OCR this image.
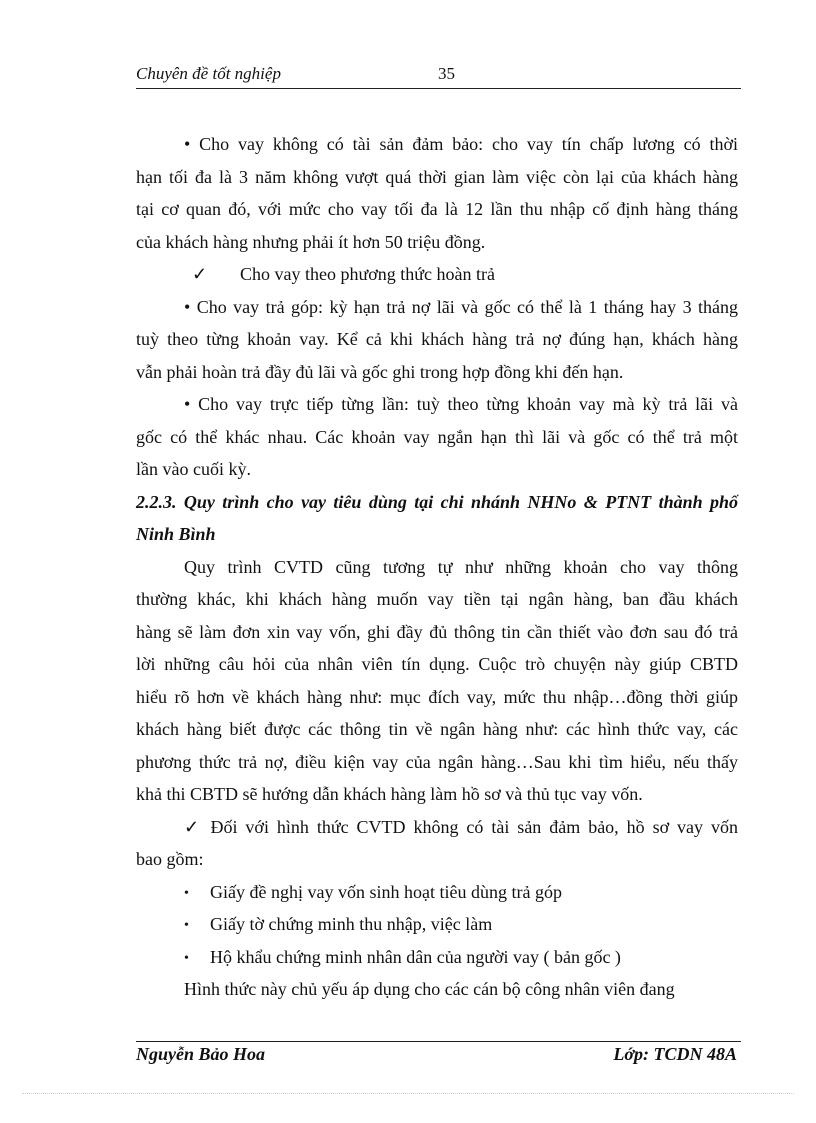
Chuyên đề tốt nghiệp	35
• Cho vay không có tài sản đảm bảo: cho vay tín chấp lương có thời
hạn tối đa là 3 năm không vượt quá thời gian làm việc còn lại của khách hàng
tại cơ quan đó, với mức cho vay tối đa là 12 lần thu nhập cố định hàng tháng
của khách hàng nhưng phải ít hơn 50 triệu đồng.
✓ Cho vay theo phương thức hoàn trả
• Cho vay trả góp: kỳ hạn trả nợ lãi và gốc có thể là 1 tháng hay 3 tháng
tuỳ theo từng khoản vay. Kể cả khi khách hàng trả nợ đúng hạn, khách hàng
vẫn phải hoàn trả đầy đủ lãi và gốc ghi trong hợp đồng khi đến hạn.
• Cho vay trực tiếp từng lần: tuỳ theo từng khoản vay mà kỳ trả lãi và
gốc có thể khác nhau. Các khoản vay ngắn hạn thì lãi và gốc có thể trả một
lần vào cuối kỳ.
2.2.3. Quy trình cho vay tiêu dùng tại chi nhánh NHNo & PTNT thành phố
Ninh Bình
Quy trình CVTD cũng tương tự như những khoản cho vay thông
thường khác, khi khách hàng muốn vay tiền tại ngân hàng, ban đầu khách
hàng sẽ làm đơn xin vay vốn, ghi đầy đủ thông tin cần thiết vào đơn sau đó trả
lời những câu hỏi của nhân viên tín dụng. Cuộc trò chuyện này giúp CBTD
hiểu rõ hơn về khách hàng như: mục đích vay, mức thu nhập…đồng thời giúp
khách hàng biết được các thông tin về ngân hàng như: các hình thức vay, các
phương thức trả nợ, điều kiện vay của ngân hàng…Sau khi tìm hiểu, nếu thấy
khả thi CBTD sẽ hướng dẫn khách hàng làm hồ sơ và thủ tục vay vốn.
✓ Đối với hình thức CVTD không có tài sản đảm bảo, hồ sơ vay vốn
bao gồm:
• Giấy đề nghị vay vốn sinh hoạt tiêu dùng trả góp
• Giấy tờ chứng minh thu nhập, việc làm
• Hộ khẩu chứng minh nhân dân của người vay ( bản gốc )
Hình thức này chủ yếu áp dụng cho các cán bộ công nhân viên đang
Nguyễn Bảo Hoa	Lớp: TCDN 48A
